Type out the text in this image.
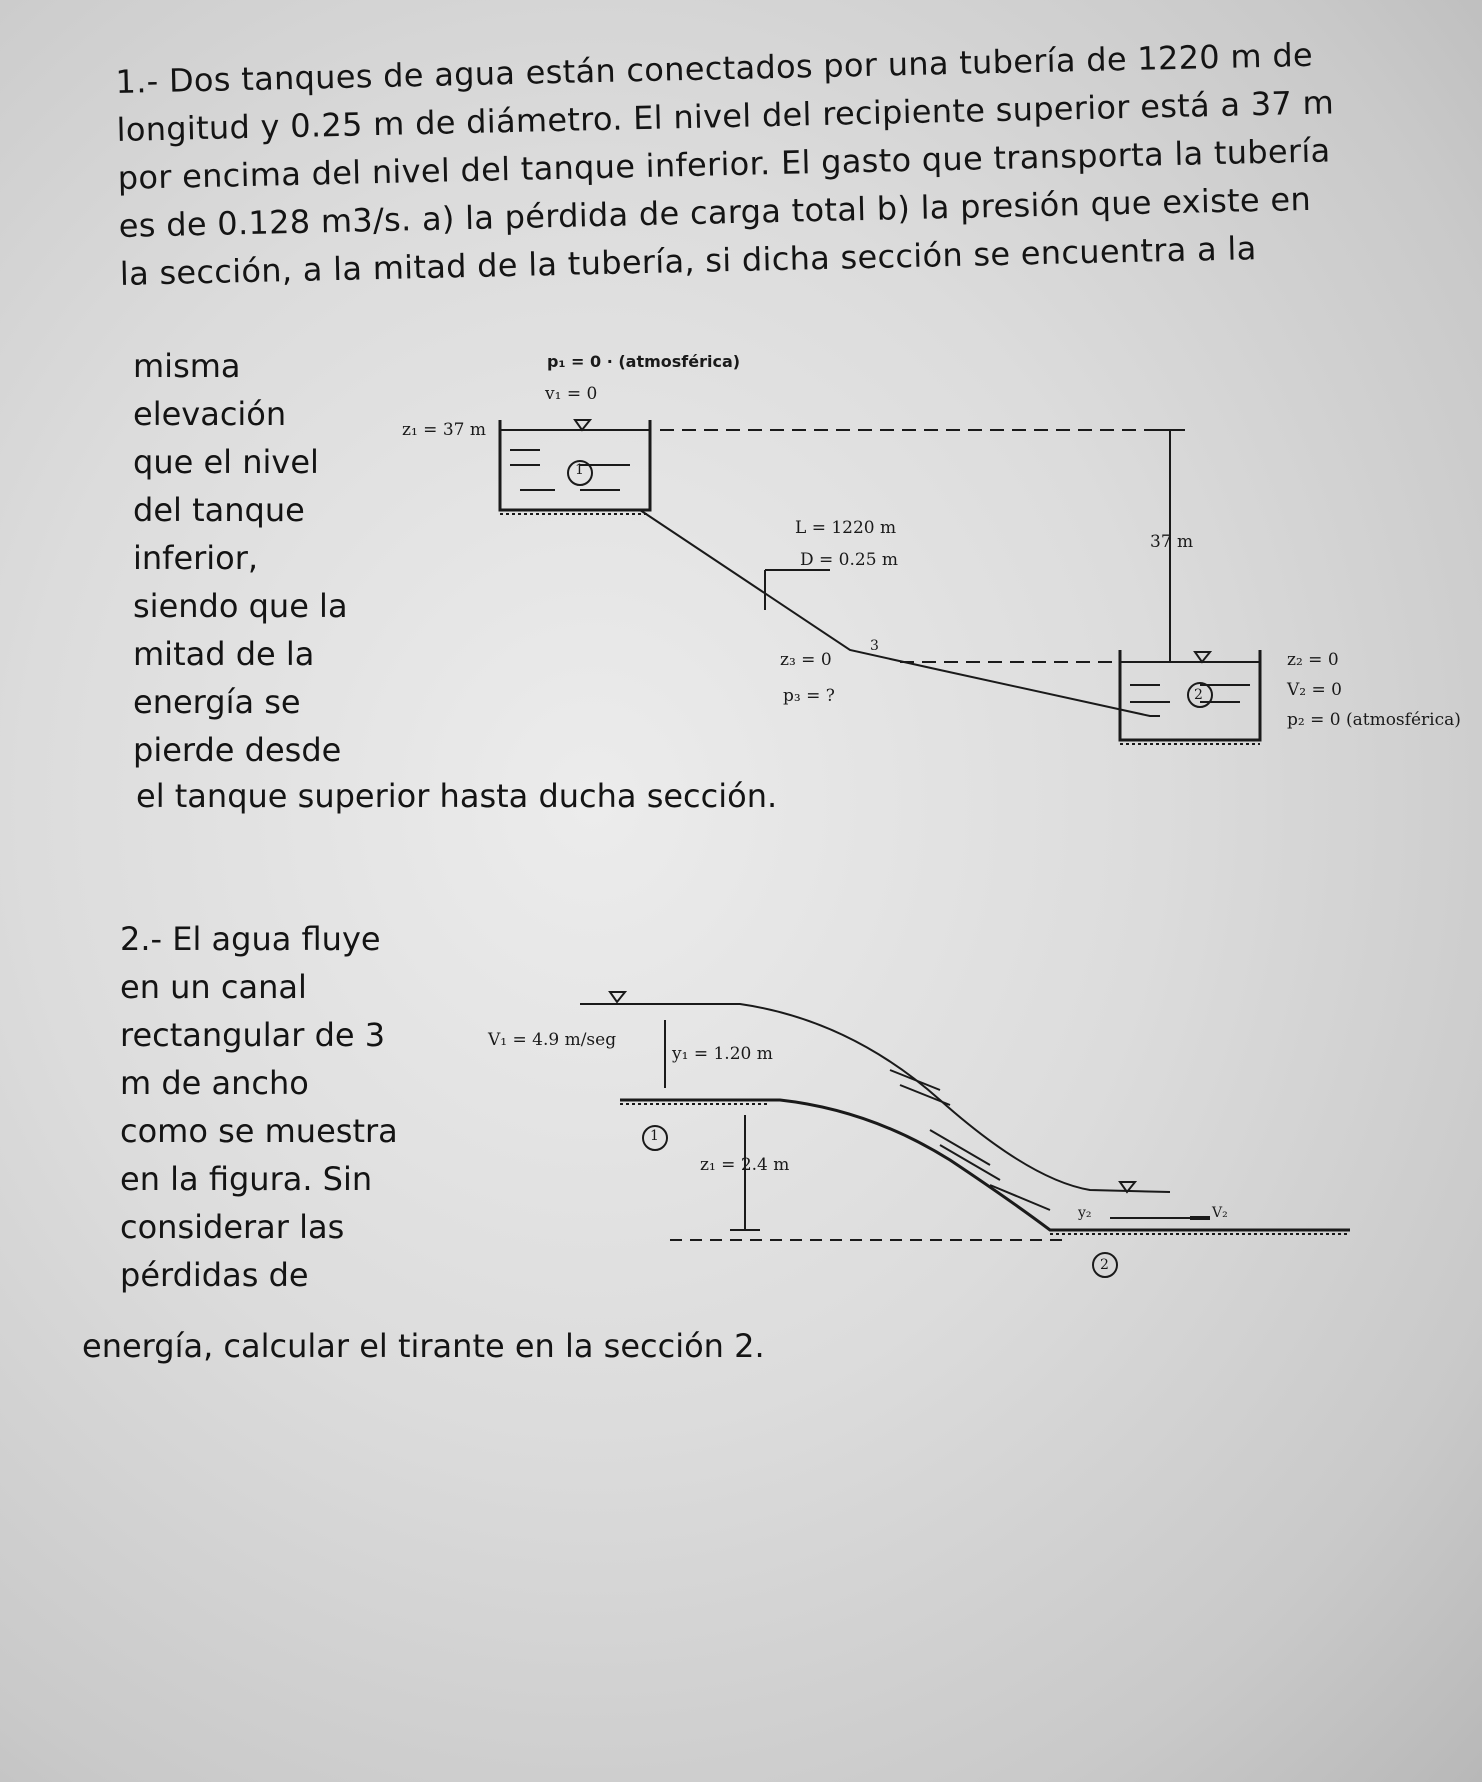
1.- Dos tanques de agua están conectados por una tubería de 1220 m de
longitud y 0.25 m de diámetro. El nivel del recipiente superior está a 37 m
por encima del nivel del tanque inferior. El gasto que transporta la tubería
es de 0.128 m3/s. a) la pérdida de carga total b) la presión que existe en
la sección, a la mitad de la tubería, si dicha sección se encuentra a la
misma
elevación
que el nivel
del tanque
inferior,
siendo que la
mitad de la
energía se
pierde desde
el tanque superior hasta ducha sección.
p₁ = 0 · (atmosférica)
v₁ = 0
z₁ = 37 m
1
L = 1220 m
D = 0.25 m
37 m
3
z₃ = 0
p₃ = ?	2
z₂ = 0
V₂ = 0
p₂ = 0 (atmosférica)
2.- El agua fluye
en un canal
rectangular de 3
m de ancho
como se muestra
en la figura. Sin
considerar las
pérdidas de
energía, calcular el tirante en la sección 2.
V₁ = 4.9 m/seg
y₁ = 1.20 m
1
z₁ = 2.4 m
y₂	V₂
2
